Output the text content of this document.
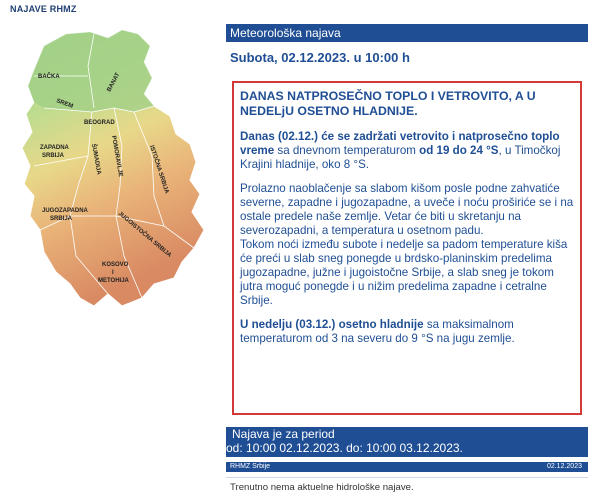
NAJAVE RHMZ
BAČKA	BANAT
SREM
BEOGRAD
ZAPADNA
SRBIJA	ŠUMADIJA	POMORAVLJE	ISTOČNA SRBIJA
JUGOZAPADNA
SRBIJA	JUGOISTOČNA SRBIJA
KOSOVO
I
METOHIJA
Meteorološka najava
Subota, 02.12.2023. u 10:00 h

DANAS NATPROSEČNO TOPLO I VETROVITO, A U NEDELjU OSETNO HLADNIJE.

Danas (02.12.) će se zadržati vetrovito i natprosečno toplo vreme sa dnevnom temperaturom od 19 do 24 °S, u Timočkoj Krajini hladnije, oko 8 °S.

Prolazno naoblačenje sa slabom kišom posle podne zahvatiće severne, zapadne i jugozapadne, a uveče i noću proširiće se i na ostale predele naše zemlje. Vetar će biti u skretanju na severozapadni, a temperatura u osetnom padu.

Tokom noći između subote i nedelje sa padom temperature kiša će preći u slab sneg ponegde u brdsko-planinskim predelima jugozapadne, južne i jugoistočne Srbije, a slab sneg je tokom jutra moguć ponegde i u nižim predelima zapadne i cetralne Srbije.

U nedelju (03.12.) osetno hladnije sa maksimalnom temperaturom od 3 na severu do 9 °S na jugu zemlje.

Najava je za period
od: 10:00 02.12.2023. do: 10:00 03.12.2023.
RHMZ Srbije	02.12.2023
Trenutno nema aktuelne hidrološke najave.
